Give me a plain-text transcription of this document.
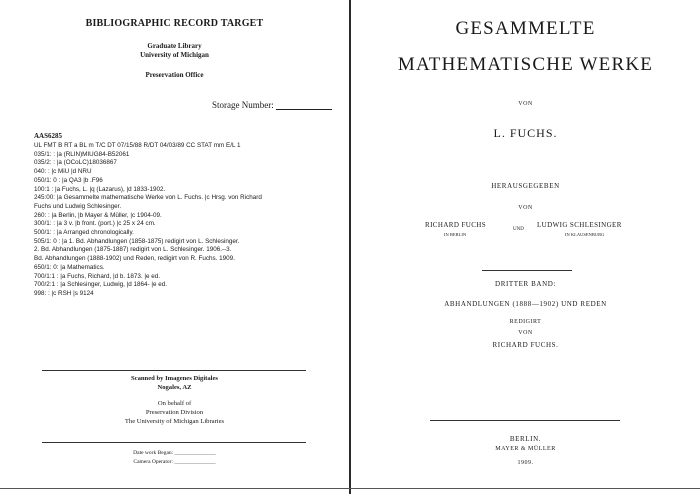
BIBLIOGRAPHIC RECORD TARGET
Graduate Library
University of Michigan
Preservation Office
Storage Number:
AAS6285
UL FMT B RT a BL m T/C DT 07/15/88 R/DT 04/03/89 CC STAT mm E/L 1
035/1: : |a (RLIN)MIUG84-B52061
035/2: : |a (OCoLC)18036867
040: : |c MiU |d NRU
050/1: 0 : |a QA3 |b .F96
100:1 : |a Fuchs, L. |q (Lazarus), |d 1833-1902.
245:00: |a Gesammelte mathematische Werke von L. Fuchs. |c Hrsg. von Richard
Fuchs und Ludwig Schlesinger.
260: : |a Berlin, |b Mayer & Müller, |c 1904-09.
300/1: : |a 3 v. |b front. (port.) |c 25 x 24 cm.
500/1: : |a Arranged chronologically.
505/1: 0 : |a 1. Bd. Abhandlungen (1858-1875) redigirt von L. Schlesinger.
2. Bd. Abhandlungen (1875-1887) redigirt von L. Schlesinger. 1906.--3.
Bd. Abhandlungen (1888-1902) und Reden, redigirt von R. Fuchs. 1909.
650/1: 0: |a Mathematics.
700/1:1 : |a Fuchs, Richard, |d b. 1873. |e ed.
700/2:1 : |a Schlesinger, Ludwig, |d 1864- |e ed.
998: : |c RSH |s 9124
Scanned by Imagenes Digitales
Nogales, AZ
On behalf of
Preservation Division
The University of Michigan Libraries
Date work Began: _______________
Camera Operator: _______________
GESAMMELTE
MATHEMATISCHE WERKE
VON
L. FUCHS.
HERAUSGEGEBEN
VON
RICHARD FUCHS
IN BERLIN
UND
LUDWIG SCHLESINGER
IN KLAUSENBURG
DRITTER BAND:
ABHANDLUNGEN (1888—1902) UND REDEN
REDIGIRT
VON
RICHARD FUCHS.
BERLIN.
MAYER & MÜLLER
1909.
